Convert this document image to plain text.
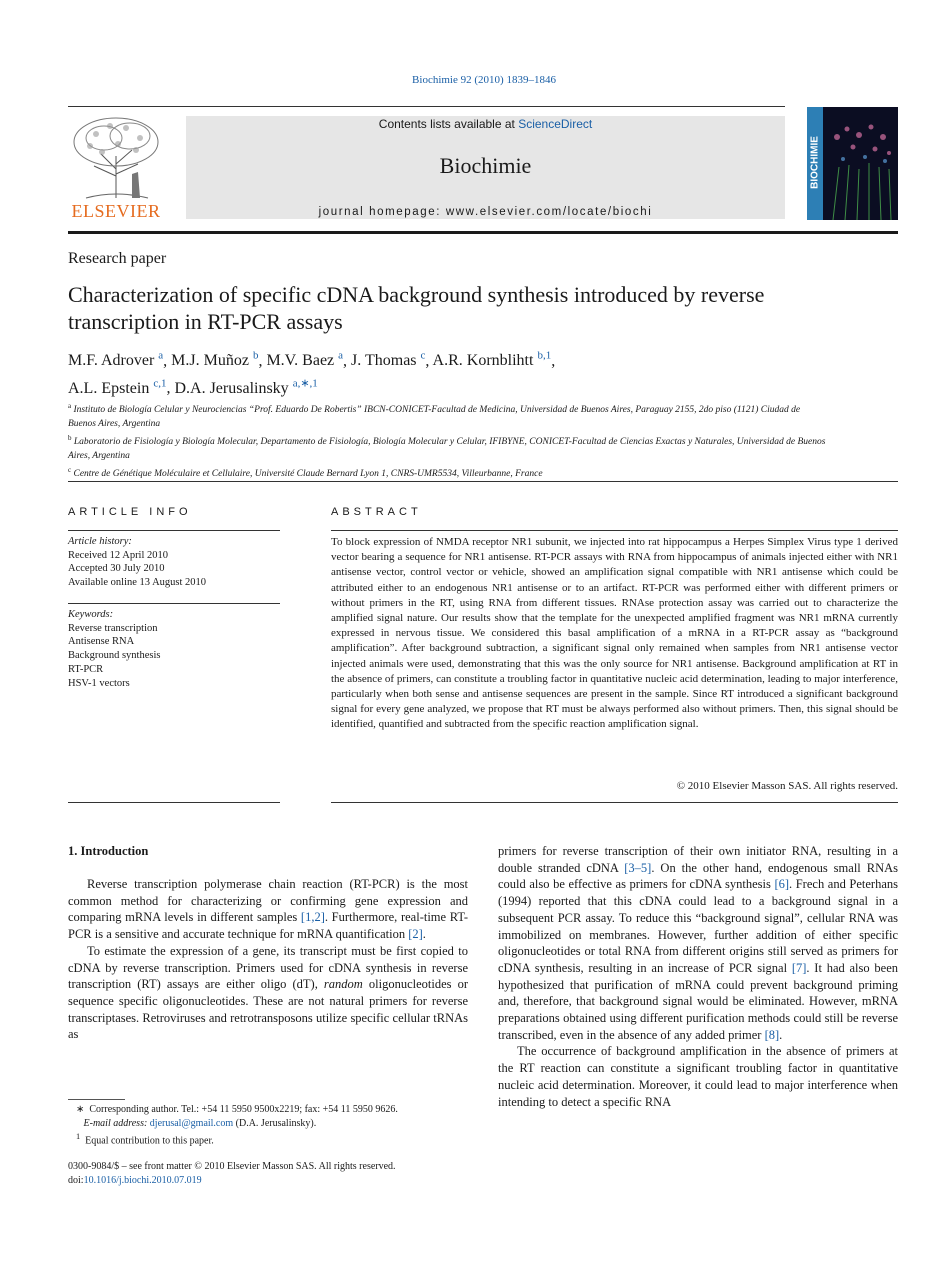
Biochimie 92 (2010) 1839–1846
ELSEVIER
Contents lists available at ScienceDirect
Biochimie
journal homepage: www.elsevier.com/locate/biochi
BIOCHIMIE
Research paper
Characterization of specific cDNA background synthesis introduced by reverse transcription in RT-PCR assays
M.F. Adrover $^a$, M.J. Muñoz $^b$, M.V. Baez $^a$, J. Thomas $^c$, A.R. Kornblihtt $^{b,1}$,
A.L. Epstein $^{c,1}$, D.A. Jerusalinsky $^{a,∗,1}$
$^a$ Instituto de Biología Celular y Neurociencias “Prof. Eduardo De Robertis” IBCN-CONICET-Facultad de Medicina, Universidad de Buenos Aires, Paraguay 2155, 2do piso (1121) Ciudad de Buenos Aires, Argentina
$^b$ Laboratorio de Fisiología y Biología Molecular, Departamento de Fisiología, Biología Molecular y Celular, IFIBYNE, CONICET-Facultad de Ciencias Exactas y Naturales, Universidad de Buenos Aires, Argentina
$^c$ Centre de Génétique Moléculaire et Cellulaire, Université Claude Bernard Lyon 1, CNRS-UMR5534, Villeurbanne, France
ARTICLE INFO
Article history:
Received 12 April 2010
Accepted 30 July 2010
Available online 13 August 2010
Keywords:
Reverse transcription
Antisense RNA
Background synthesis
RT-PCR
HSV-1 vectors
ABSTRACT
To block expression of NMDA receptor NR1 subunit, we injected into rat hippocampus a Herpes Simplex Virus type 1 derived vector bearing a sequence for NR1 antisense. RT-PCR assays with RNA from hippocampus of animals injected either with NR1 antisense vector, control vector or vehicle, showed an amplification signal compatible with NR1 antisense which could be attributed either to an endogenous NR1 antisense or to an artifact. RT-PCR was performed either with different primers or without primers in the RT, using RNA from different tissues. RNAse protection assay was carried out to characterize the amplified signal nature. Our results show that the template for the unexpected amplified fragment was NR1 mRNA currently expressed in nervous tissue. We considered this basal amplification of a mRNA in a RT-PCR assay as “background amplification”. After background subtraction, a significant signal only remained when samples from NR1 antisense vector injected animals were used, demonstrating that this was the only source for NR1 antisense. Background amplification at RT in the absence of primers, can constitute a troubling factor in quantitative nucleic acid determination, leading to major interference, particularly when both sense and antisense sequences are present in the sample. Since RT introduced a significant background signal for every gene analyzed, we propose that RT must be always performed also without primers. Then, this signal should be identified, quantified and subtracted from the specific reaction amplification signal.
© 2010 Elsevier Masson SAS. All rights reserved.
1. Introduction

Reverse transcription polymerase chain reaction (RT-PCR) is the most common method for characterizing or confirming gene expression and comparing mRNA levels in different samples [1,2]. Furthermore, real-time RT-PCR is a sensitive and accurate technique for mRNA quantification [2].

To estimate the expression of a gene, its transcript must be first copied to cDNA by reverse transcription. Primers used for cDNA synthesis in reverse transcription (RT) assays are either oligo (dT), random oligonucleotides or sequence specific oligonucleotides. These are not natural primers for reverse transcriptases. Retroviruses and retrotransposons utilize specific cellular tRNAs as

primers for reverse transcription of their own initiator RNA, resulting in a double stranded cDNA [3–5]. On the other hand, endogenous small RNAs could also be effective as primers for cDNA synthesis [6]. Frech and Peterhans (1994) reported that this cDNA could lead to a background signal in a subsequent PCR assay. To reduce this “background signal”, cellular RNA was immobilized on membranes. However, further addition of either specific oligonucleotides or total RNA from different origins still served as primers for cDNA synthesis, resulting in an increase of PCR signal [7]. It had also been hypothesized that purification of mRNA could prevent background priming and, therefore, that background signal would be eliminated. However, mRNA preparations obtained using different purification methods could still be reverse transcribed, even in the absence of any added primer [8].

The occurrence of background amplification in the absence of primers at the RT reaction can constitute a significant troubling factor in quantitative nucleic acid determination. Moreover, it could lead to major interference when intending to detect a specific RNA

∗ Corresponding author. Tel.: +54 11 5950 9500x2219; fax: +54 11 5950 9626.
E-mail address: djerusal@gmail.com (D.A. Jerusalinsky).
$^1$ Equal contribution to this paper.
0300-9084/$ – see front matter © 2010 Elsevier Masson SAS. All rights reserved.
doi:10.1016/j.biochi.2010.07.019
